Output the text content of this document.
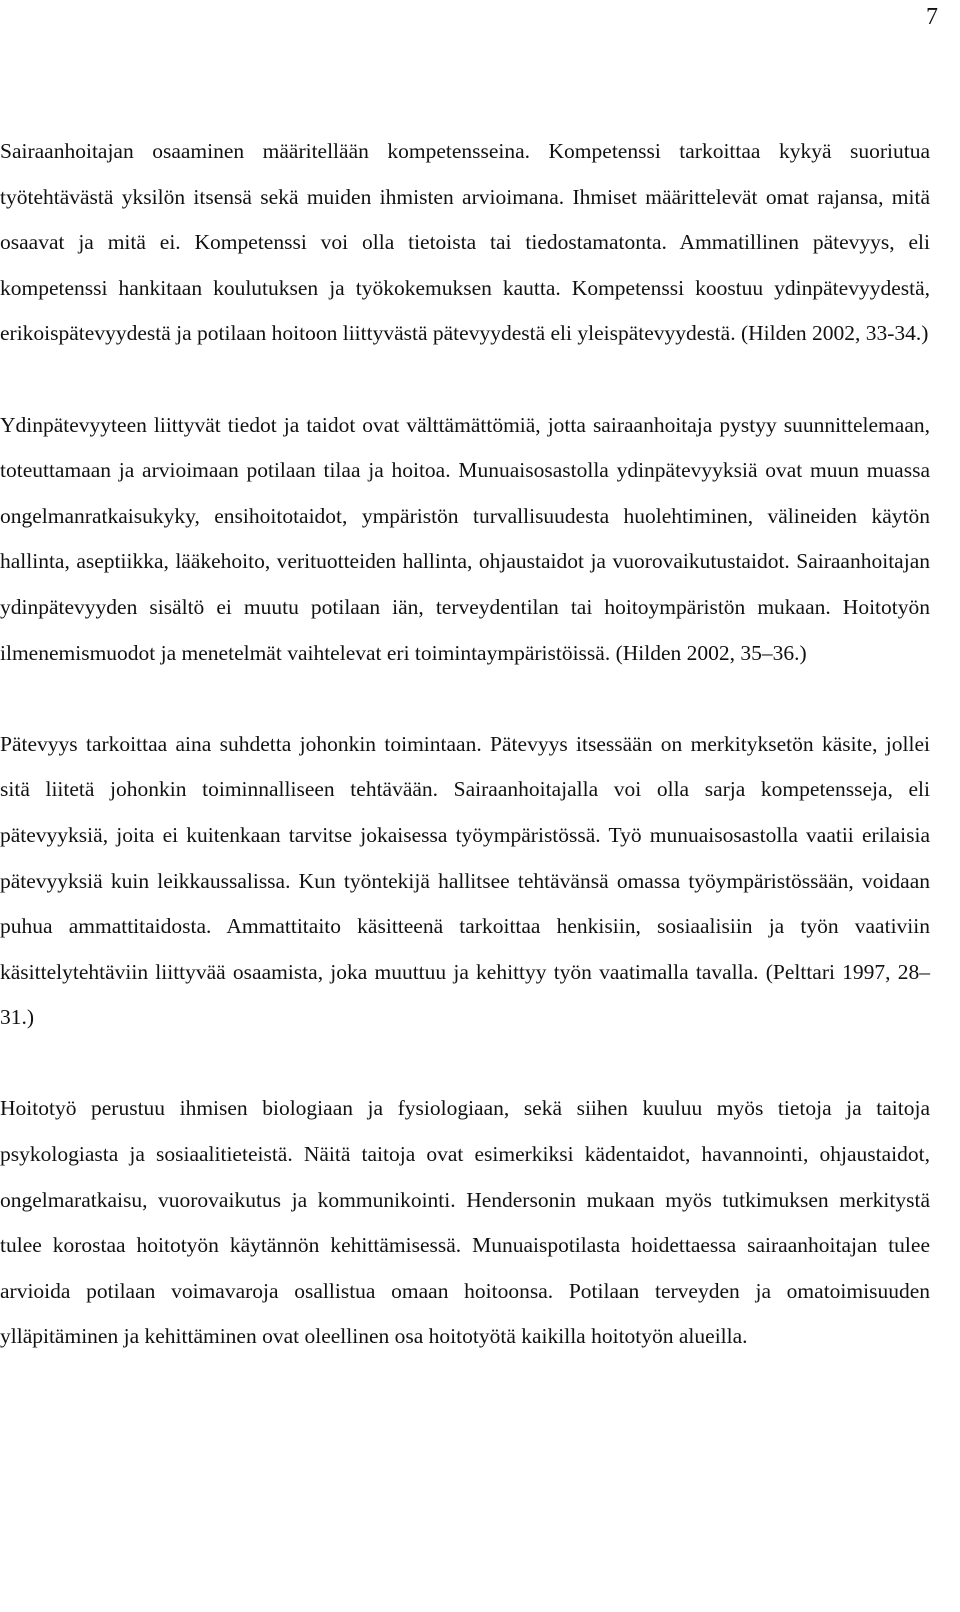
7

Sairaanhoitajan osaaminen määritellään kompetensseina. Kompetenssi tarkoittaa kykyä suoriutua työtehtävästä yksilön itsensä sekä muiden ihmisten arvioimana. Ihmiset määrittelevät omat rajansa, mitä osaavat ja mitä ei. Kompetenssi voi olla tietoista tai tiedostamatonta. Ammatillinen pätevyys, eli kompetenssi hankitaan koulutuksen ja työkokemuksen kautta. Kompetenssi koostuu ydinpätevyydestä, erikoispätevyydestä ja potilaan hoitoon liittyvästä pätevyydestä eli yleispätevyydestä. (Hilden 2002, 33-34.)

Ydinpätevyyteen liittyvät tiedot ja taidot ovat välttämättömiä, jotta sairaanhoitaja pystyy suunnittelemaan, toteuttamaan ja arvioimaan potilaan tilaa ja hoitoa. Munuaisosastolla ydinpätevyyksiä ovat muun muassa ongelmanratkaisukyky, ensihoitotaidot, ympäristön turvallisuudesta huolehtiminen, välineiden käytön hallinta, aseptiikka, lääkehoito, verituotteiden hallinta, ohjaustaidot ja vuorovaikutustaidot. Sairaanhoitajan ydinpätevyyden sisältö ei muutu potilaan iän, terveydentilan tai hoitoympäristön mukaan. Hoitotyön ilmenemismuodot ja menetelmät vaihtelevat eri toimintaympäristöissä. (Hilden 2002, 35–36.)

Pätevyys tarkoittaa aina suhdetta johonkin toimintaan. Pätevyys itsessään on merkityksetön käsite, jollei sitä liitetä johonkin toiminnalliseen tehtävään. Sairaanhoitajalla voi olla sarja kompetensseja, eli pätevyyksiä, joita ei kuitenkaan tarvitse jokaisessa työympäristössä. Työ munuaisosastolla vaatii erilaisia pätevyyksiä kuin leikkaussalissa. Kun työntekijä hallitsee tehtävänsä omassa työympäristössään, voidaan puhua ammattitaidosta. Ammattitaito käsitteenä tarkoittaa henkisiin, sosiaalisiin ja työn vaativiin käsittelytehtäviin liittyvää osaamista, joka muuttuu ja kehittyy työn vaatimalla tavalla. (Pelttari 1997, 28–31.)

Hoitotyö perustuu ihmisen biologiaan ja fysiologiaan, sekä siihen kuuluu myös tietoja ja taitoja psykologiasta ja sosiaalitieteistä. Näitä taitoja ovat esimerkiksi kädentaidot, havannointi, ohjaustaidot, ongelmaratkaisu, vuorovaikutus ja kommunikointi. Hendersonin mukaan myös tutkimuksen merkitystä tulee korostaa hoitotyön käytännön kehittämisessä. Munuaispotilasta hoidettaessa sairaanhoitajan tulee arvioida potilaan voimavaroja osallistua omaan hoitoonsa. Potilaan terveyden ja omatoimisuuden ylläpitäminen ja kehittäminen ovat oleellinen osa hoitotyötä kaikilla hoitotyön alueilla.
